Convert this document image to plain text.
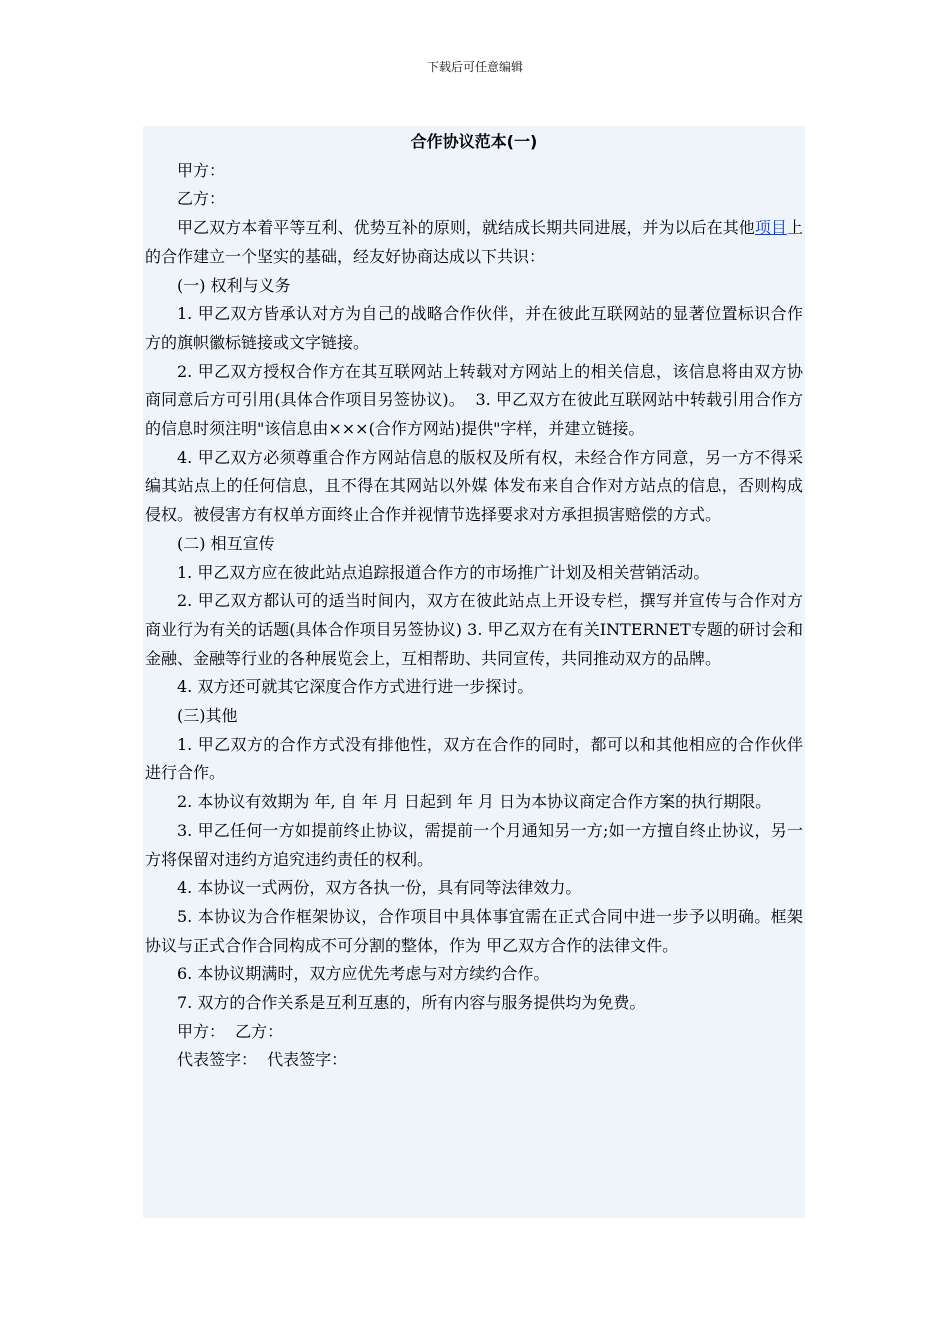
下载后可任意编辑
合作协议范本(一)

甲方：

乙方：

甲乙双方本着平等互利、优势互补的原则，就结成长期共同进展，并为以后在其他项目上的合作建立一个坚实的基础，经友好协商达成以下共识：

(一) 权利与义务

1. 甲乙双方皆承认对方为自己的战略合作伙伴，并在彼此互联网站的显著位置标识合作方的旗帜徽标链接或文字链接。

2. 甲乙双方授权合作方在其互联网站上转载对方网站上的相关信息，该信息将由双方协商同意后方可引用(具体合作项目另签协议)。  3. 甲乙双方在彼此互联网站中转载引用合作方的信息时须注明"该信息由×××(合作方网站)提供"字样，并建立链接。

4. 甲乙双方必须尊重合作方网站信息的版权及所有权，未经合作方同意，另一方不得采编其站点上的任何信息，且不得在其网站以外媒 体发布来自合作对方站点的信息，否则构成侵权。被侵害方有权单方面终止合作并视情节选择要求对方承担损害赔偿的方式。

(二) 相互宣传

1. 甲乙双方应在彼此站点追踪报道合作方的市场推广计划及相关营销活动。

2. 甲乙双方都认可的适当时间内，双方在彼此站点上开设专栏，撰写并宣传与合作对方商业行为有关的话题(具体合作项目另签协议) 3. 甲乙双方在有关INTERNET专题的研讨会和金融、金融等行业的各种展览会上，互相帮助、共同宣传，共同推动双方的品牌。

4. 双方还可就其它深度合作方式进行进一步探讨。

(三)其他

1. 甲乙双方的合作方式没有排他性，双方在合作的同时，都可以和其他相应的合作伙伴进行合作。

2. 本协议有效期为 年, 自 年 月 日起到 年 月 日为本协议商定合作方案的执行期限。

3. 甲乙任何一方如提前终止协议，需提前一个月通知另一方;如一方擅自终止协议，另一方将保留对违约方追究违约责任的权利。

4. 本协议一式两份，双方各执一份，具有同等法律效力。

5. 本协议为合作框架协议，合作项目中具体事宜需在正式合同中进一步予以明确。框架协议与正式合作合同构成不可分割的整体，作为 甲乙双方合作的法律文件。

6. 本协议期满时，双方应优先考虑与对方续约合作。

7. 双方的合作关系是互利互惠的，所有内容与服务提供均为免费。

甲方：  乙方：

代表签字：  代表签字：
